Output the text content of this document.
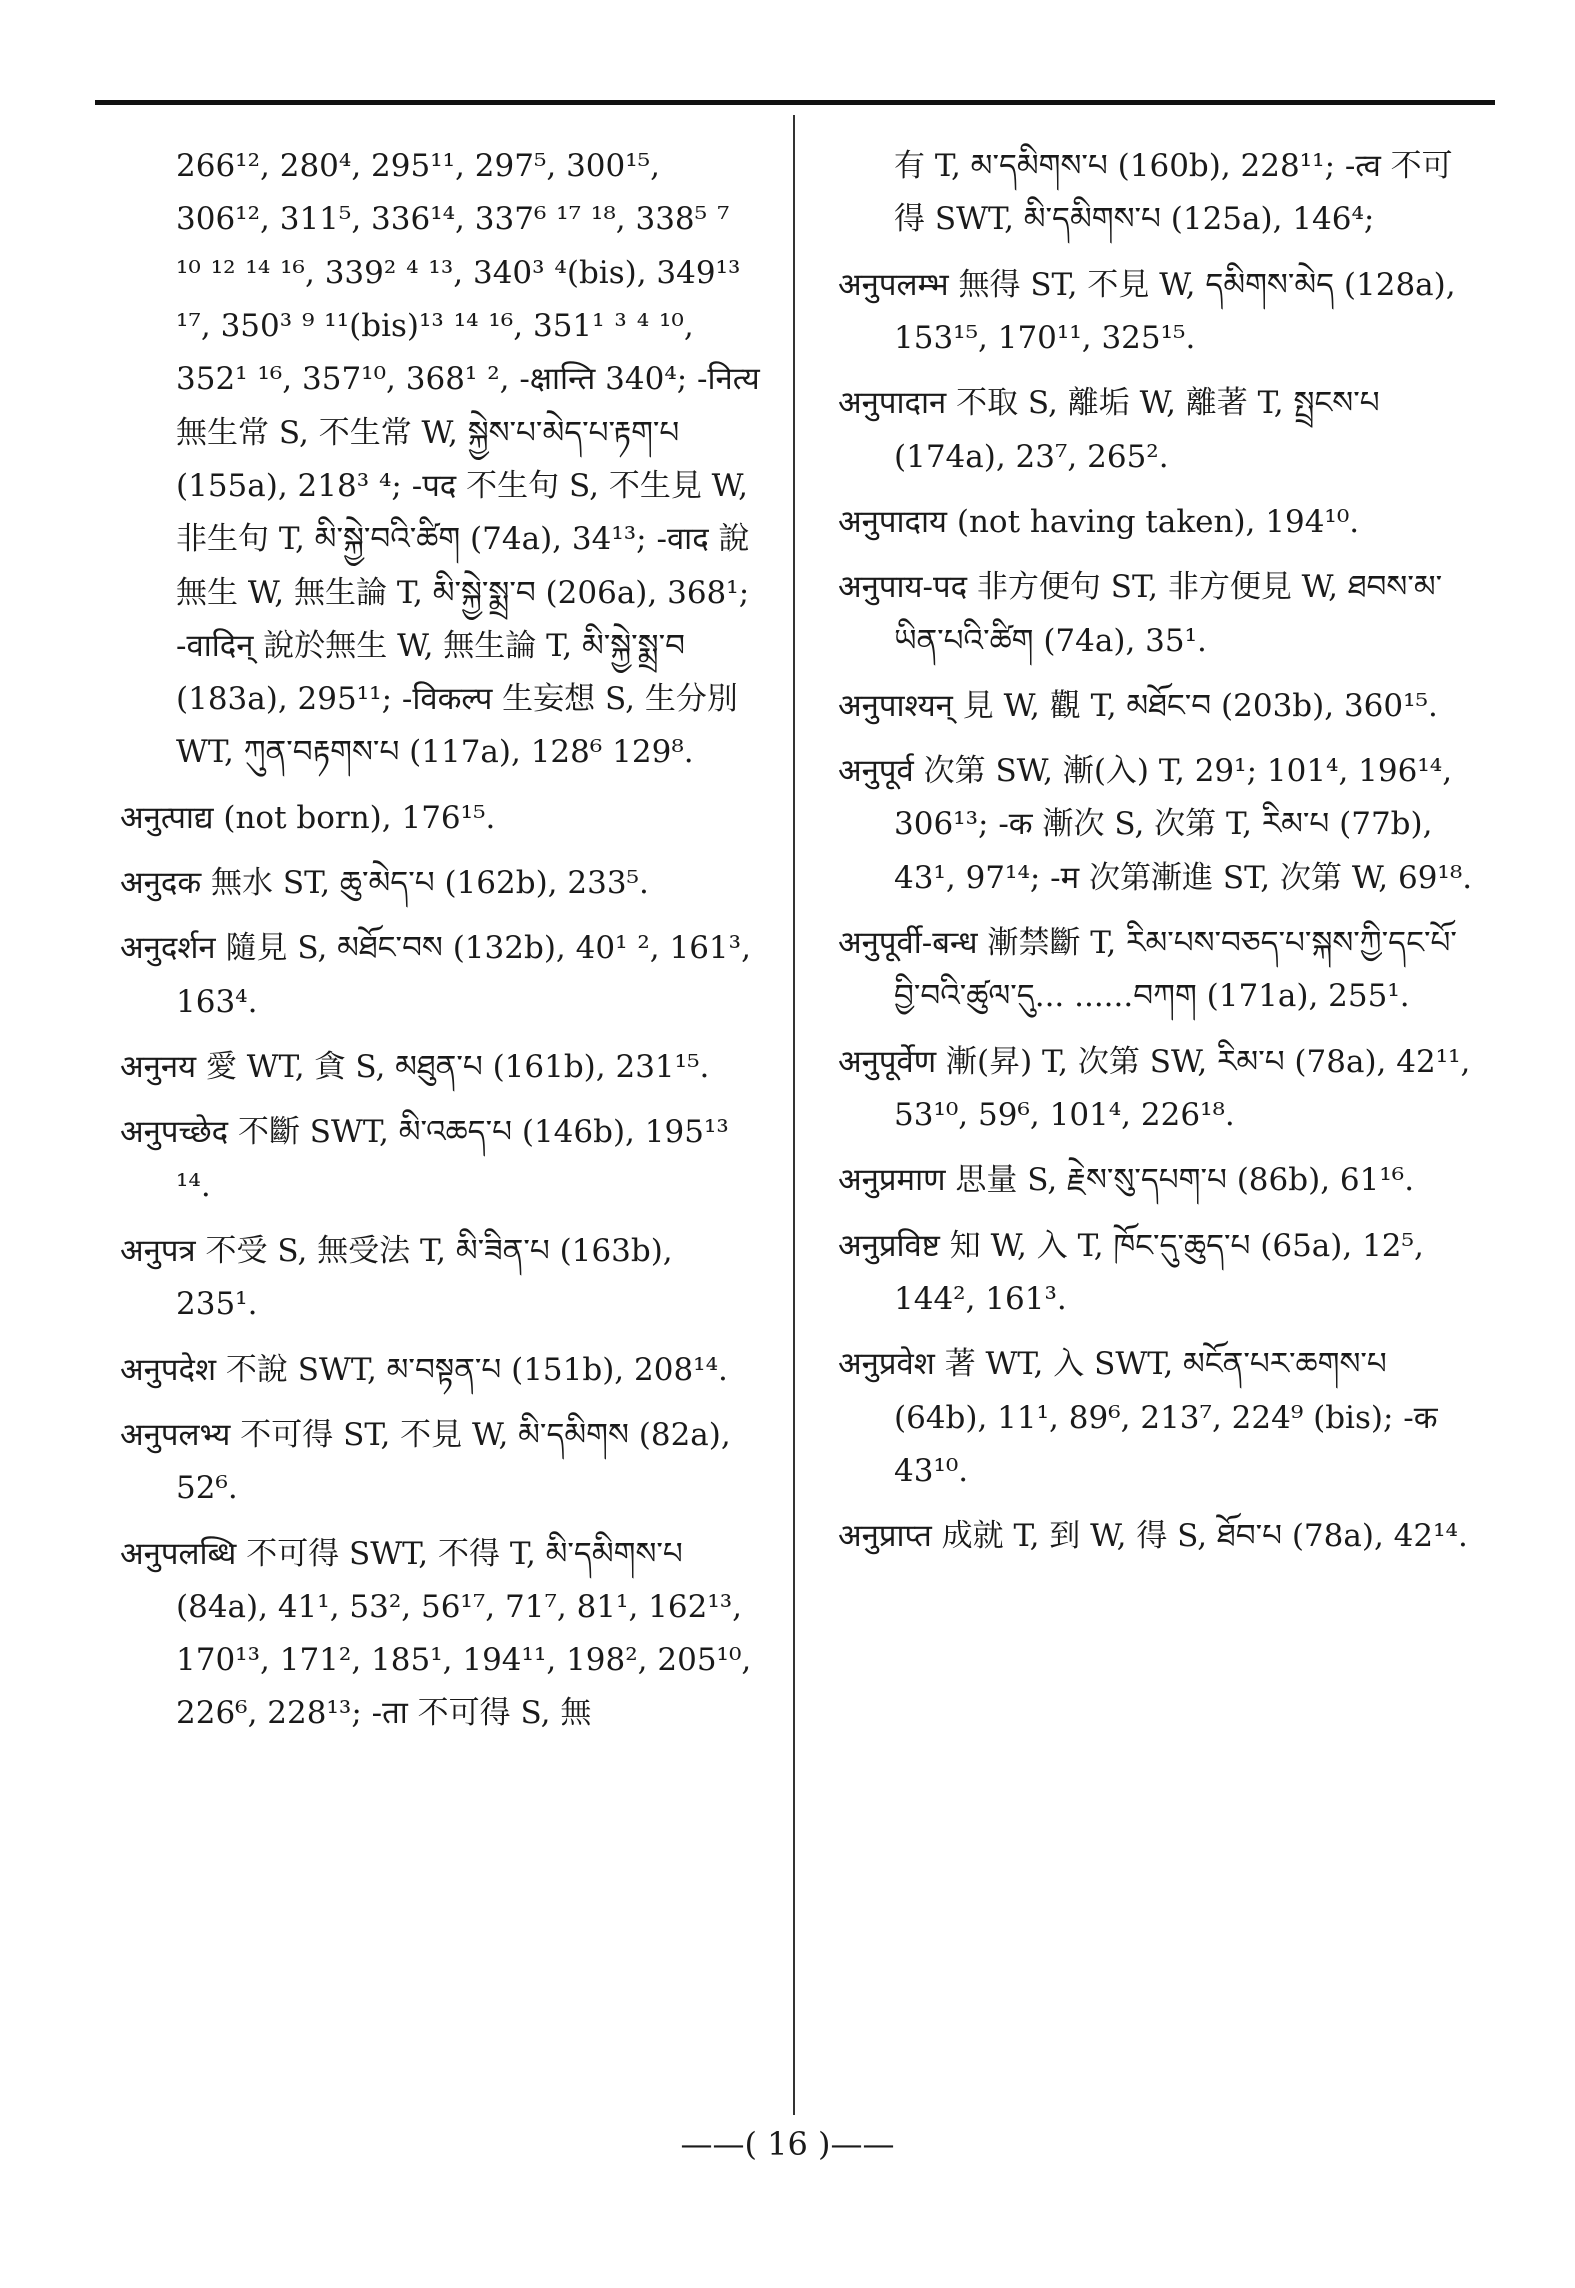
266¹², 280⁴, 295¹¹, 297⁵, 300¹⁵, 306¹², 311⁵, 336¹⁴, 337⁶ ¹⁷ ¹⁸, 338⁵ ⁷ ¹⁰ ¹² ¹⁴ ¹⁶, 339² ⁴ ¹³, 340³ ⁴(bis), 349¹³ ¹⁷, 350³ ⁹ ¹¹(bis)¹³ ¹⁴ ¹⁶, 351¹ ³ ⁴ ¹⁰, 352¹ ¹⁶, 357¹⁰, 368¹ ², -क्षान्ति 340⁴; -नित्य 無生常 S, 不生常 W, སྐྱེས་པ་མེད་པ་རྟག་པ (155a), 218³ ⁴; -पद 不生句 S, 不生見 W, 非生句 T, མི་སྐྱེ་བའི་ཚིག (74a), 34¹³; -वाद 說無生 W, 無生論 T, མི་སྐྱེ་སྨྲ་བ (206a), 368¹; -वादिन् 說於無生 W, 無生論 T, མི་སྐྱེ་སྨྲ་བ (183a), 295¹¹; -विकल्प 生妄想 S, 生分別 WT, ཀུན་བརྟགས་པ (117a), 128⁶ 129⁸.

अनुत्पाद्य (not born), 176¹⁵.

अनुदक 無水 ST, ཆུ་མེད་པ (162b), 233⁵.

अनुदर्शन 隨見 S, མཐོང་བས (132b), 40¹ ², 161³, 163⁴.

अनुनय 愛 WT, 貪 S, མཐུན་པ (161b), 231¹⁵.

अनुपच्छेद 不斷 SWT, མི་འཆད་པ (146b), 195¹³ ¹⁴.

अनुपत्र 不受 S, 無受法 T, མི་ཟིན་པ (163b), 235¹.

अनुपदेश 不說 SWT, མ་བསྟན་པ (151b), 208¹⁴.

अनुपलभ्य 不可得 ST, 不見 W, མི་དམིགས (82a), 52⁶.

अनुपलब्धि 不可得 SWT, 不得 T, མི་དམིགས་པ (84a), 41¹, 53², 56¹⁷, 71⁷, 81¹, 162¹³, 170¹³, 171², 185¹, 194¹¹, 198², 205¹⁰, 226⁶, 228¹³; -ता 不可得 S, 無

有 T, མ་དམིགས་པ (160b), 228¹¹; -त्व 不可得 SWT, མི་དམིགས་པ (125a), 146⁴;

अनुपलम्भ 無得 ST, 不見 W, དམིགས་མེད (128a), 153¹⁵, 170¹¹, 325¹⁵.

अनुपादान 不取 S, 離垢 W, 離著 T, སྤྲངས་པ (174a), 23⁷, 265².

अनुपादाय (not having taken), 194¹⁰.

अनुपाय-पद 非方便句 ST, 非方便見 W, ཐབས་མ་ཡིན་པའི་ཚིག (74a), 35¹.

अनुपाश्यन् 見 W, 觀 T, མཐོང་བ (203b), 360¹⁵.

अनुपूर्व 次第 SW, 漸(入) T, 29¹; 101⁴, 196¹⁴, 306¹³; -क 漸次 S, 次第 T, རིམ་པ (77b), 43¹, 97¹⁴; -म 次第漸進 ST, 次第 W, 69¹⁸.

अनुपूर्वी-बन्ध 漸禁斷 T, རིམ་པས་བཅད་པ་སྐས་ཀྱི་དང་པོ་བྱི་བའི་ཚུལ་དུ... ......བཀག (171a), 255¹.

अनुपूर्वेण 漸(昇) T, 次第 SW, རིམ་པ (78a), 42¹¹, 53¹⁰, 59⁶, 101⁴, 226¹⁸.

अनुप्रमाण 思量 S, རྗེས་སུ་དཔག་པ (86b), 61¹⁶.

अनुप्रविष्ट 知 W, 入 T, ཁོང་དུ་ཆུད་པ (65a), 12⁵, 144², 161³.

अनुप्रवेश 著 WT, 入 SWT, མངོན་པར་ཆགས་པ (64b), 11¹, 89⁶, 213⁷, 224⁹ (bis); -क 43¹⁰.

अनुप्राप्त 成就 T, 到 W, 得 S, ཐོབ་པ (78a), 42¹⁴.

——( 16 )——
